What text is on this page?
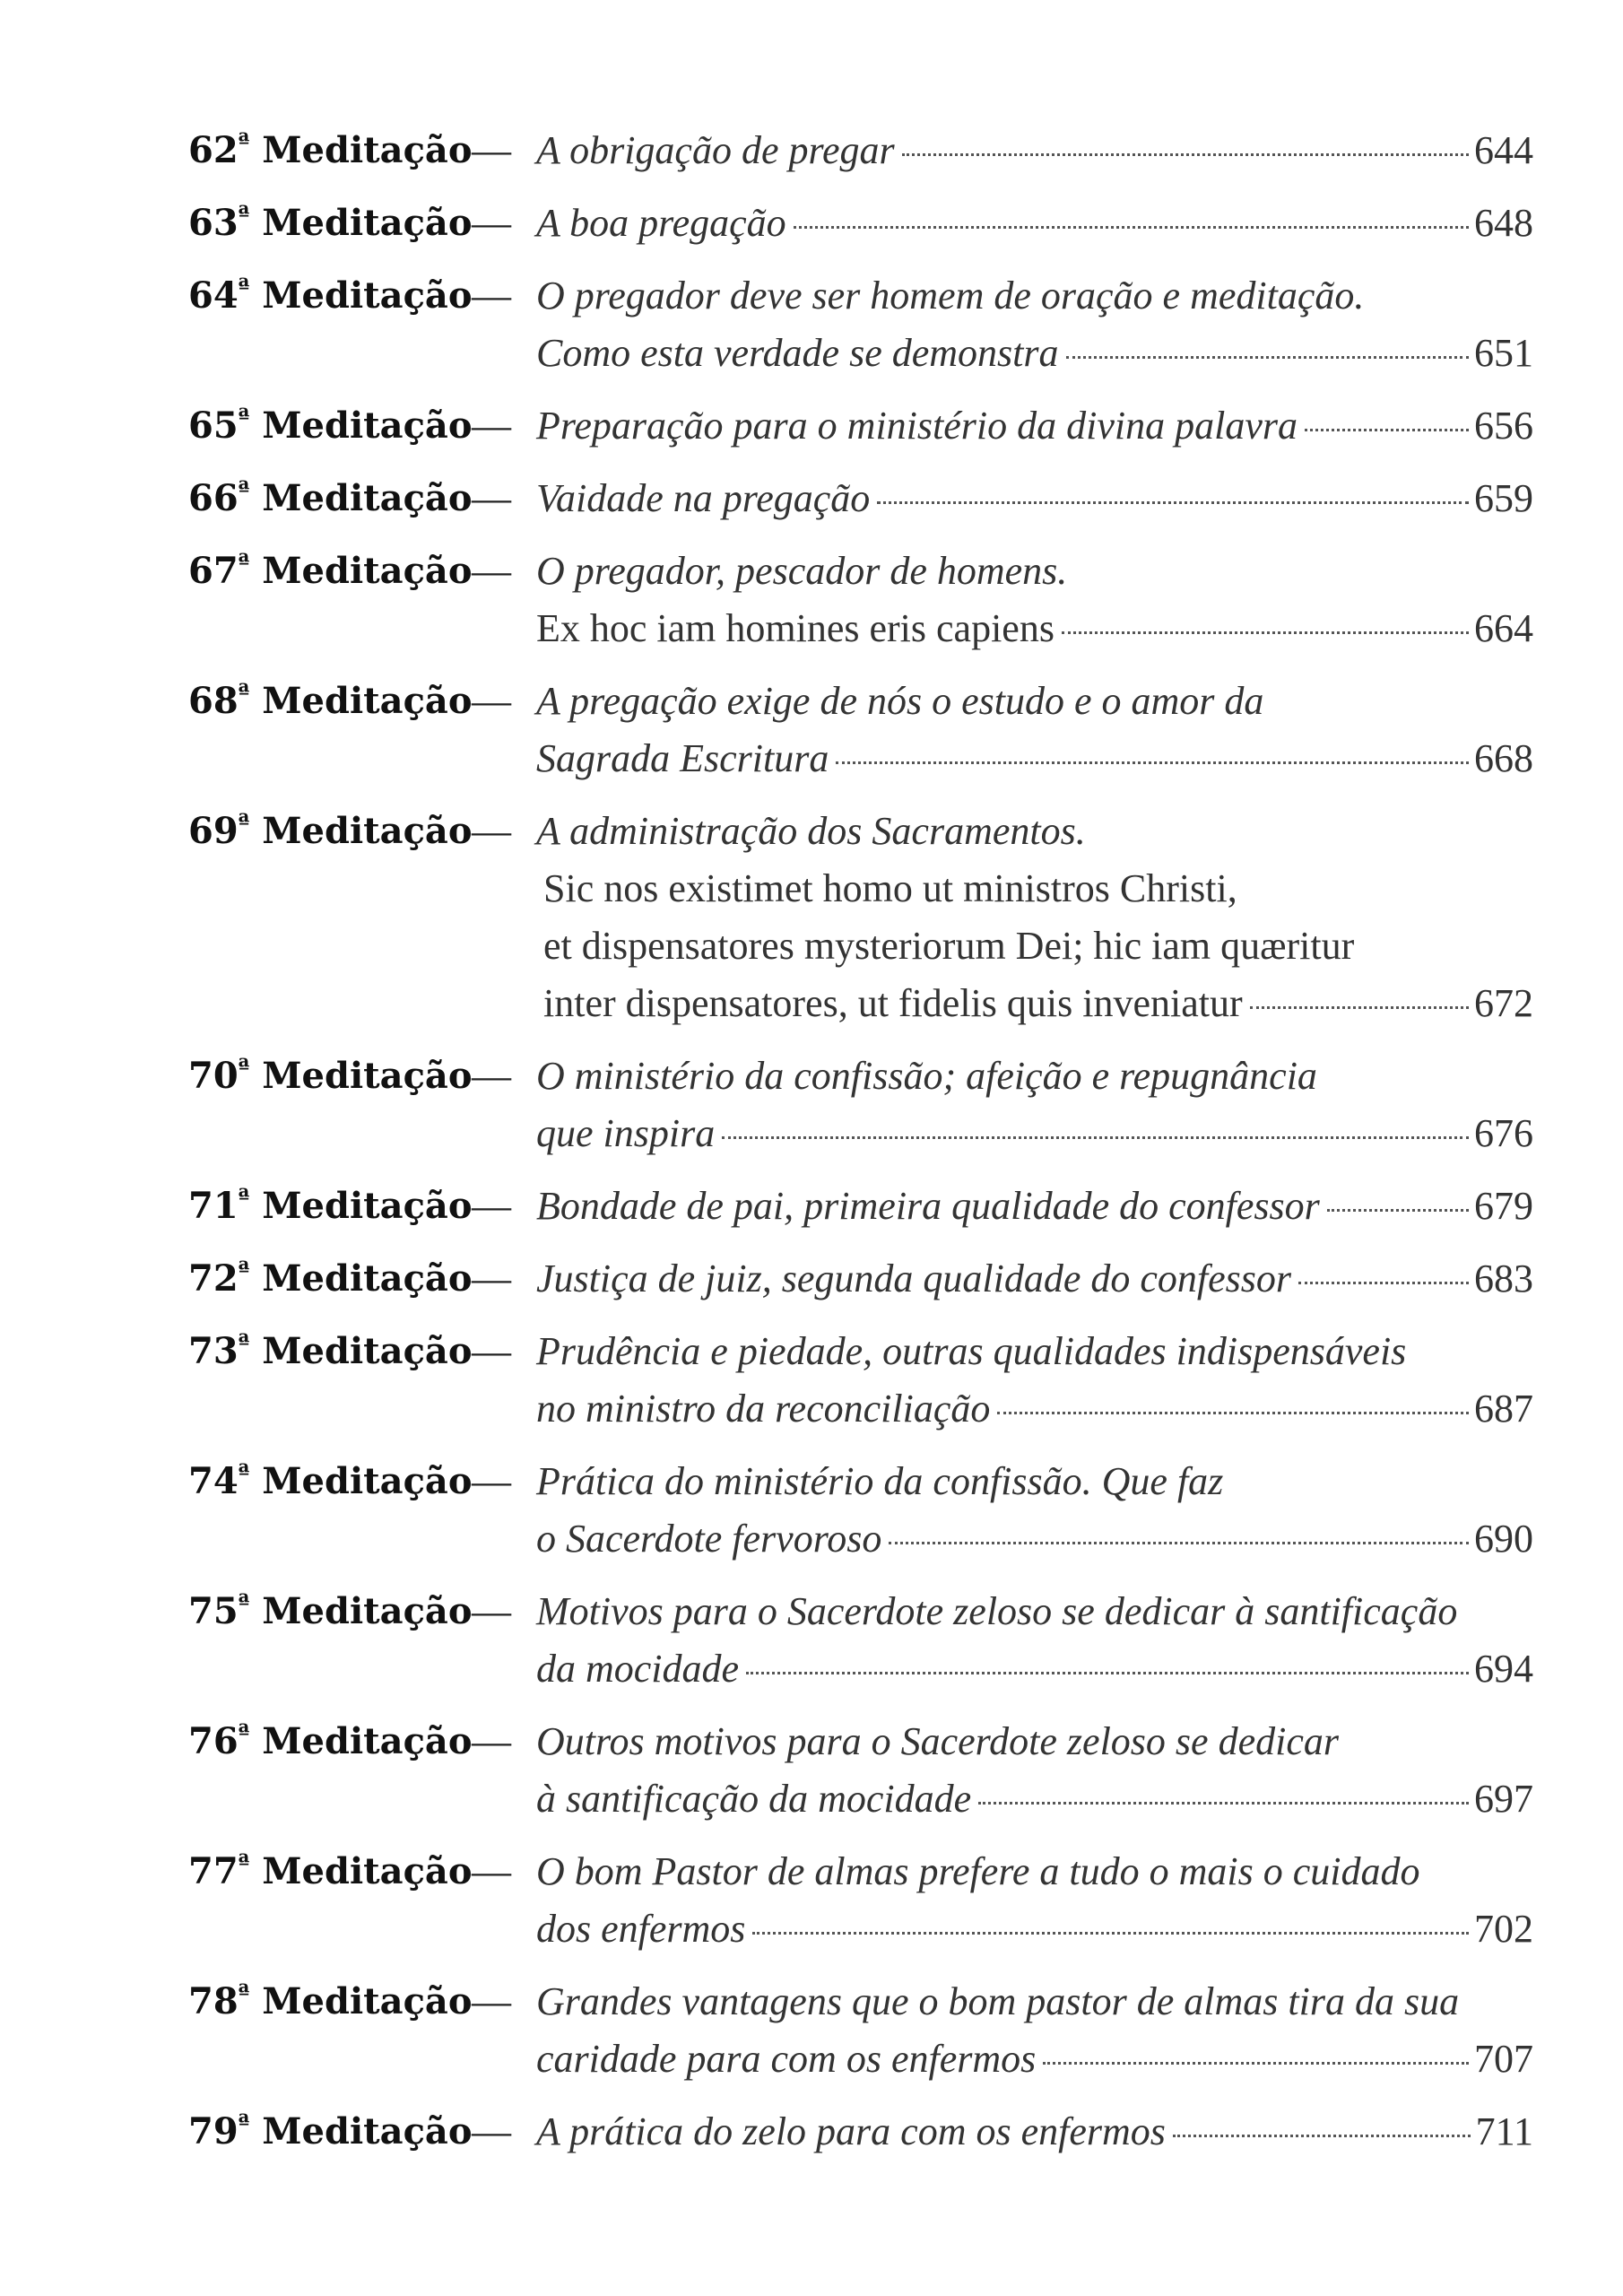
$62^ª$ Meditação — A obrigação de pregar	644
$63^ª$ Meditação — A boa pregação	648
$64^ª$ Meditação — O pregador deve ser homem de oração e meditação.
Como esta verdade se demonstra	651
$65^ª$ Meditação — Preparação para o ministério da divina palavra	656
$66^ª$ Meditação — Vaidade na pregação	659
$67^ª$ Meditação — O pregador, pescador de homens.
Ex hoc iam homines eris capiens	664
$68^ª$ Meditação — A pregação exige de nós o estudo e o amor da
Sagrada Escritura	668
$69^ª$ Meditação — A administração dos Sacramentos.
Sic nos existimet homo ut ministros Christi,
et dispensatores mysteriorum Dei; hic iam quæritur
inter dispensatores, ut fidelis quis inveniatur	672
$70^ª$ Meditação — O ministério da confissão; afeição e repugnância
que inspira	676
$71^ª$ Meditação — Bondade de pai, primeira qualidade do confessor	679
$72^ª$ Meditação — Justiça de juiz, segunda qualidade do confessor	683
$73^ª$ Meditação — Prudência e piedade, outras qualidades indispensáveis
no ministro da reconciliação	687
$74^ª$ Meditação — Prática do ministério da confissão. Que faz
o Sacerdote fervoroso	690
$75^ª$ Meditação — Motivos para o Sacerdote zeloso se dedicar à santificação
da mocidade	694
$76^ª$ Meditação — Outros motivos para o Sacerdote zeloso se dedicar
à santificação da mocidade	697
$77^ª$ Meditação — O bom Pastor de almas prefere a tudo o mais o cuidado
dos enfermos	702
$78^ª$ Meditação — Grandes vantagens que o bom pastor de almas tira da sua
caridade para com os enfermos	707
$79^ª$ Meditação — A prática do zelo para com os enfermos	711
